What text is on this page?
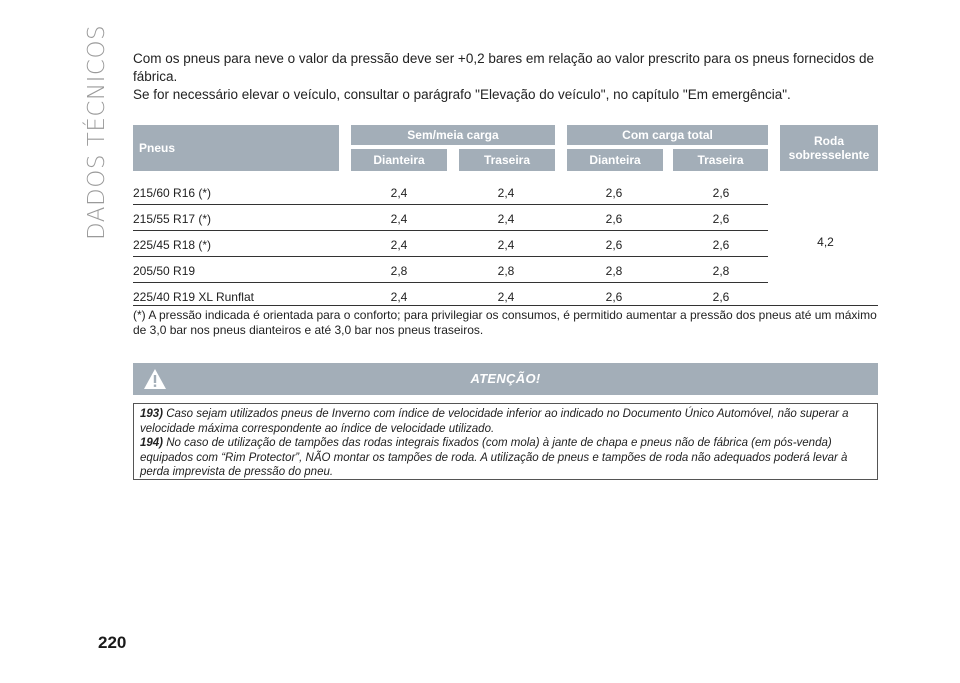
DADOS TÉCNICOS Com os pneus para neve o valor da pressão deve ser +0,2 bares em relação ao valor prescrito para os pneus fornecidos de fábrica.

Se for necessário elevar o veículo, consultar o parágrafo "Elevação do veículo", no capítulo "Em emergência".

Pneus
Sem/meia carga	Com carga total
Dianteira	Traseira	Dianteira	Traseira
Roda
sobresselente
215/60 R16 (*)	2,4	2,4	2,6	2,6
215/55 R17 (*)	2,4	2,4	2,6	2,6
225/45 R18 (*)	2,4	2,4	2,6	2,6
205/50 R19	2,8	2,8	2,8	2,8
225/40 R19 XL Runflat	2,4	2,4	2,6	2,6
4,2
(*) A pressão indicada é orientada para o conforto; para privilegiar os consumos, é permitido aumentar a pressão dos pneus até um máximo de 3,0 bar nos pneus dianteiros e até 3,0 bar nos pneus traseiros.
ATENÇÃO!

193) Caso sejam utilizados pneus de Inverno com índice de velocidade inferior ao indicado no Documento Único Automóvel, não superar a velocidade máxima correspondente ao índice de velocidade utilizado.

194) No caso de utilização de tampões das rodas integrais fixados (com mola) à jante de chapa e pneus não de fábrica (em pós-venda) equipados com “Rim Protector”, NÃO montar os tampões de roda. A utilização de pneus e tampões de roda não adequados poderá levar à perda imprevista de pressão do pneu.

220
